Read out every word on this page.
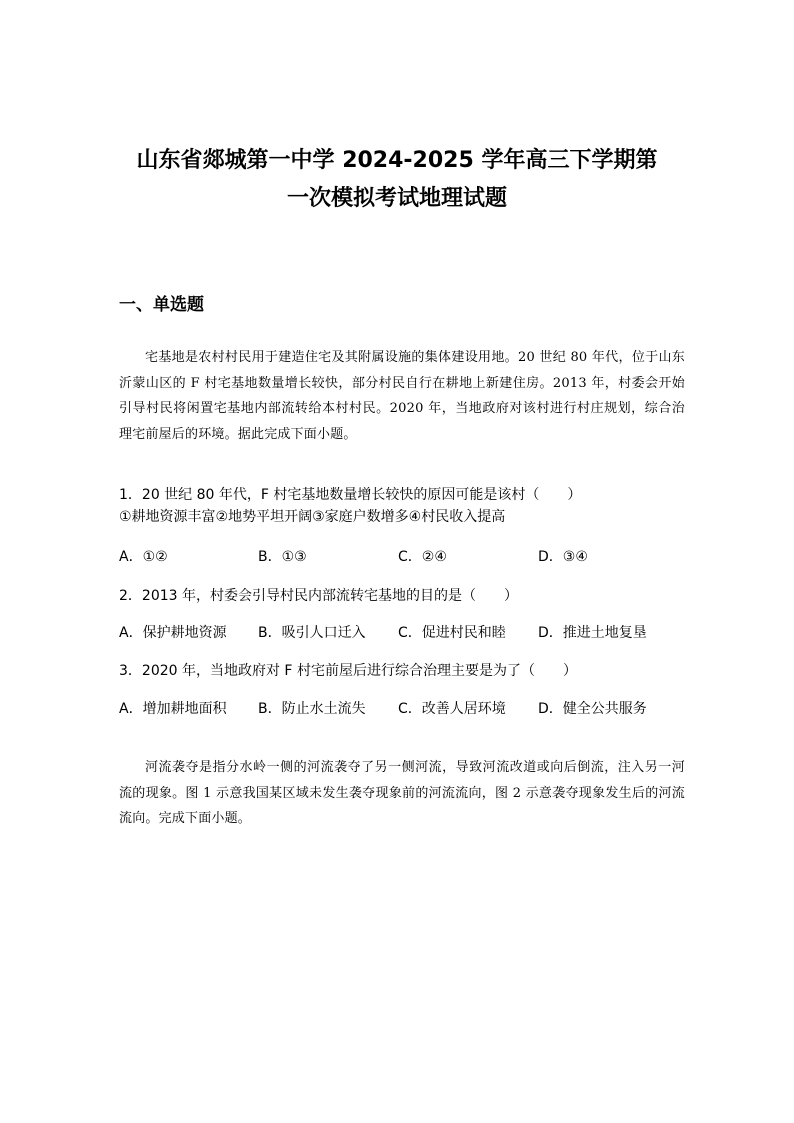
山东省郯城第一中学 2024-2025 学年高三下学期第
一次模拟考试地理试题
一、单选题
宅基地是农村村民用于建造住宅及其附属设施的集体建设用地。20 世纪 80 年代，位于山东沂蒙山区的 F 村宅基地数量增长较快，部分村民自行在耕地上新建住房。2013 年，村委会开始引导村民将闲置宅基地内部流转给本村村民。2020 年，当地政府对该村进行村庄规划，综合治理宅前屋后的环境。据此完成下面小题。
1．20 世纪 80 年代，F 村宅基地数量增长较快的原因可能是该村（　　）
①耕地资源丰富②地势平坦开阔③家庭户数增多④村民收入提高
A．①②	B．①③	C．②④	D．③④
2．2013 年，村委会引导村民内部流转宅基地的目的是（　　）
A．保护耕地资源 B．吸引人口迁入 C．促进村民和睦 D．推进土地复垦
3．2020 年，当地政府对 F 村宅前屋后进行综合治理主要是为了（　　）
A．增加耕地面积 B．防止水土流失 C．改善人居环境 D．健全公共服务
河流袭夺是指分水岭一侧的河流袭夺了另一侧河流，导致河流改道或向后倒流，注入另一河流的现象。图 1 示意我国某区域未发生袭夺现象前的河流流向，图 2 示意袭夺现象发生后的河流流向。完成下面小题。
